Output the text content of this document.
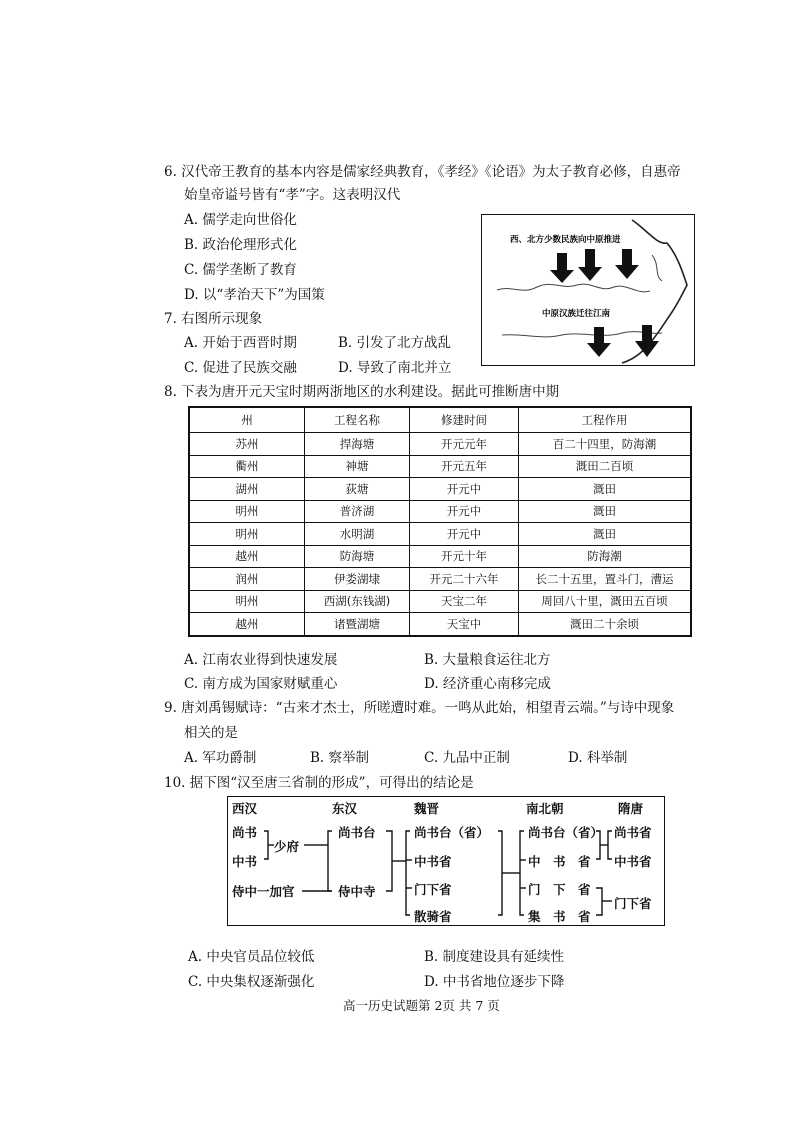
6. 汉代帝王教育的基本内容是儒家经典教育，《孝经》《论语》为太子教育必修，自惠帝
始皇帝谥号皆有“孝”字。这表明汉代
A. 儒学走向世俗化
B. 政治伦理形式化
C. 儒学垄断了教育
D. 以“孝治天下”为国策
7. 右图所示现象
A. 开始于西晋时期	B. 引发了北方战乱
C. 促进了民族交融	D. 导致了南北并立
西、北方少数民族向中原推进
中原汉族迁往江南
8. 下表为唐开元天宝时期两浙地区的水利建设。据此可推断唐中期
州	工程名称	修建时间	工程作用
苏州	捍海塘	开元元年	百二十四里，防海潮
衢州	神塘	开元五年	溉田二百顷
湖州	荻塘	开元中	溉田
明州	普济湖	开元中	溉田
明州	水明湖	开元中	溉田
越州	防海塘	开元十年	防海潮
润州	伊娄湖埭	开元二十六年	长二十五里，置斗门，漕运
明州	西湖(东钱湖)	天宝二年	周回八十里，溉田五百顷
越州	诸暨湖塘	天宝中	溉田二十余顷
A. 江南农业得到快速发展	B. 大量粮食运往北方
C. 南方成为国家财赋重心	D. 经济重心南移完成
9. 唐刘禹锡赋诗：“古来才杰士，所嗟遭时难。一鸣从此始，相望青云端。”与诗中现象
相关的是
A. 军功爵制	B. 察举制	C. 九品中正制	D. 科举制
10. 据下图“汉至唐三省制的形成”，可得出的结论是
西汉	东汉	魏晋	南北朝	隋唐
尚书
中书
侍中一加官
少府
尚书台
侍中寺
尚书台（省）
中书省
门下省
散骑省
尚书台（省）
中　书　省
门　下　省
集　书　省
尚书省
中书省
门下省
A. 中央官员品位较低	B. 制度建设具有延续性
C. 中央集权逐渐强化	D. 中书省地位逐步下降
高一历史试题第 2页 共 7 页
